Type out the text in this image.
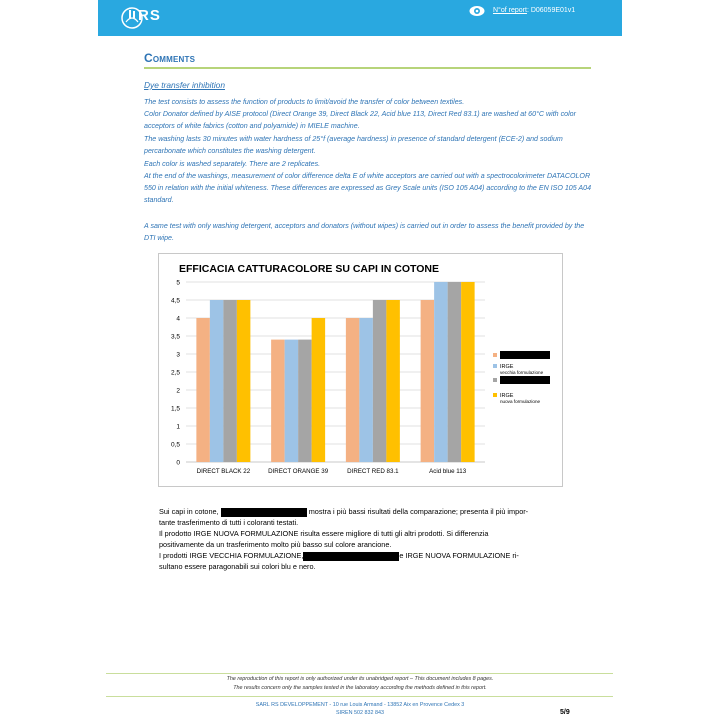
RS	N°of report: D06059E01v1
Comments
Dye transfer inhibition

The test consists to assess the function of products to limit/avoid the transfer of color between textiles.

Color Donator defined by AISE protocol (Direct Orange 39, Direct Black 22, Acid blue 113, Direct Red 83.1) are washed at 60°C with color acceptors of white fabrics (cotton and polyamide) in MIELE machine.

The washing lasts 30 minutes with water hardness of 25°f (average hardness) in presence of standard detergent (ECE-2) and sodium percarbonate which constitutes the washing detergent.

Each color is washed separately. There are 2 replicates.

At the end of the washings, measurement of color difference delta E of white acceptors are carried out with a spectrocolorimeter DATACOLOR 550 in relation with the initial whiteness. These differences are expressed as Grey Scale units (ISO 105 A04) according to the EN ISO 105 A04 standard.

A same test with only washing detergent, acceptors and donators (without wipes) is carried out in order to assess the benefit provided by the DTI wipe.

EFFICACIA CATTURACOLORE SU CAPI IN COTONE
0
0,5
1
1,5
2
2,5
3
3,5
4
4,5
5
DIRECT BLACK 22	DIRECT ORANGE 39	DIRECT RED 83.1	Acid blue 113
IRGE
vecchia formulazione
IRGE
nuova formulazione

Sui capi in cotone,	mostra i più bassi risultati della comparazione; presenta il più impor-

tante trasferimento di tutti i coloranti testati.

Il prodotto IRGE NUOVA FORMULAZIONE risulta essere migliore di tutti gli altri prodotti. Si differenzia

positivamente da un trasferimento molto più basso sul colore arancione.

I prodotti IRGE VECCHIA FORMULAZIONE,	e IRGE NUOVA FORMULAZIONE ri-

sultano essere paragonabili sui colori blu e nero.

The reproduction of this report is only authorized under its unabridged report – This document includes 8 pages.
The results concern only the samples tested in the laboratory according the methods defined in this report.
SARL RS DEVELOPPEMENT - 10 rue Louis Armand - 13852 Aix en Provence Cedex 3
SIREN 502 832 843	5/9
